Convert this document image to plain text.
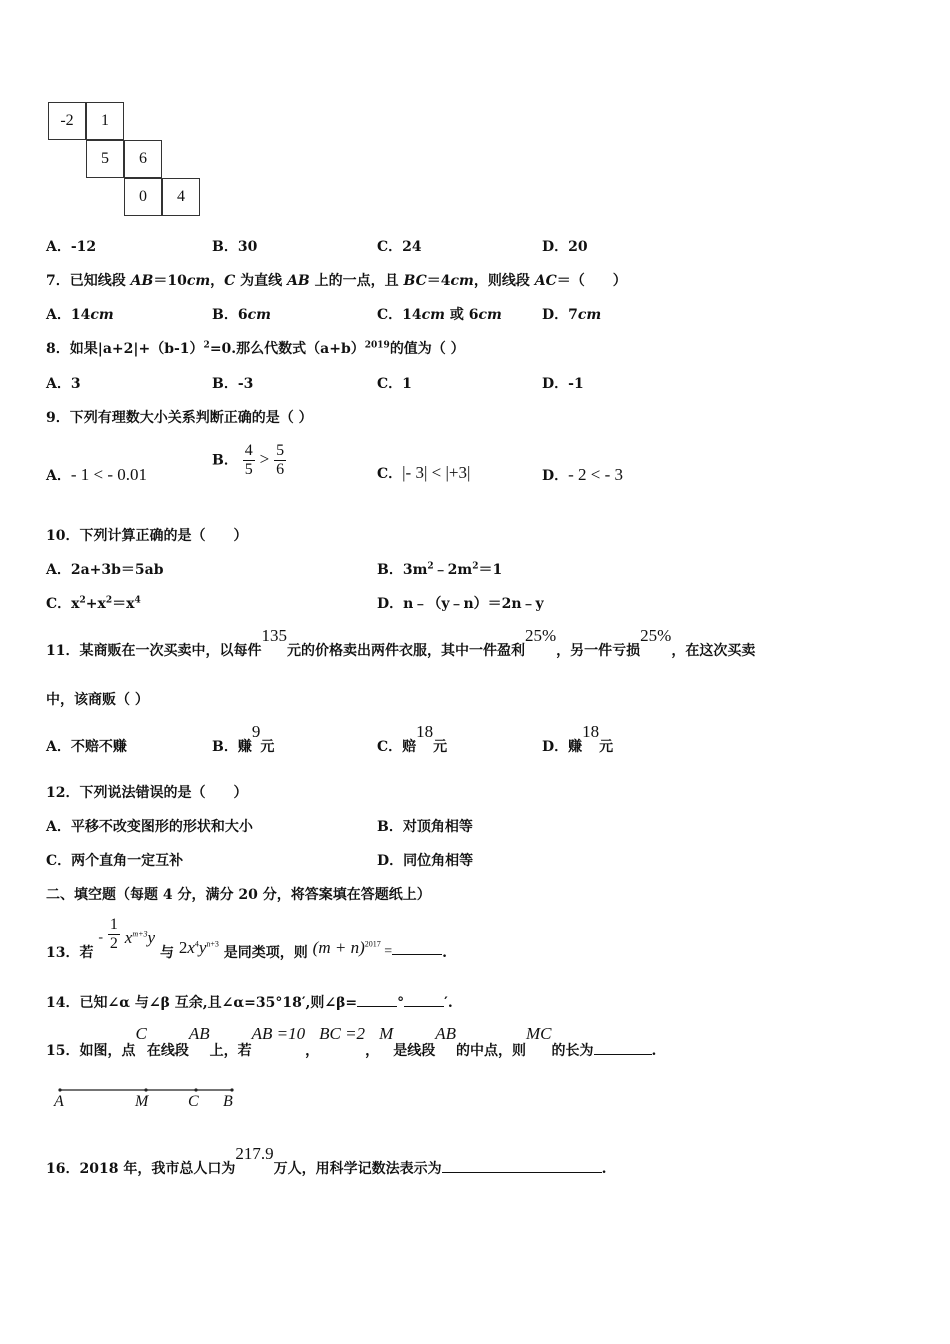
-2	1
5	6
0	4
A．-12	B．30	C．24	D．20
7．已知线段 AB＝10cm，C 为直线 AB 上的一点，且 BC＝4cm，则线段 AC＝（　　）
A．14cm	B．6cm	C．14cm 或 6cm	D．7cm
8．如果$|a+2|+(b-1)^2=0$.那么代数式$(a+b)^{2019}$的值为（ ）
A．3	B．-3	C．1	D．-1
9．下列有理数大小关系判断正确的是（ ）
A．- 1 < - 0.01
B． $\frac{4}{5} > \frac{5}{6}$	C．|- 3| < |+3|	D．- 2 < - 3
10．下列计算正确的是（　　）
A．2a+3b＝5ab	B．$3m^2﹣2m^2=1$
C．$x^2+x^2=x^4$	D．n﹣（y﹣n）＝2n﹣y
11．某商贩在一次买卖中，以每件135元的价格卖出两件衣服，其中一件盈利25%，另一件亏损25%，在这次买卖
中，该商贩（ ）
A．不赔不赚	B．赚9元	C．赔18元	D．赚18元
12．下列说法错误的是（　　）
A．平移不改变图形的形状和大小	B．对顶角相等
C．两个直角一定互补	D．同位角相等
二、填空题（每题 4 分，满分 20 分，将答案填在答题纸上）
13．若 - $\frac{1}{2} x^{m+3}y$ 与 $2x^4y^{n+3}$ 是同类项，则 $(m + n)^{2017}$ =	.
14．已知∠α 与∠β 互余,且∠α=35°18′,则∠β=	°	′.
15．如图，点C在线段AB上，若AB =10，BC =2，M是线段AB的中点，则MC的长为	.
A	M C B
16．2018 年，我市总人口为217.9万人，用科学记数法表示为	.
